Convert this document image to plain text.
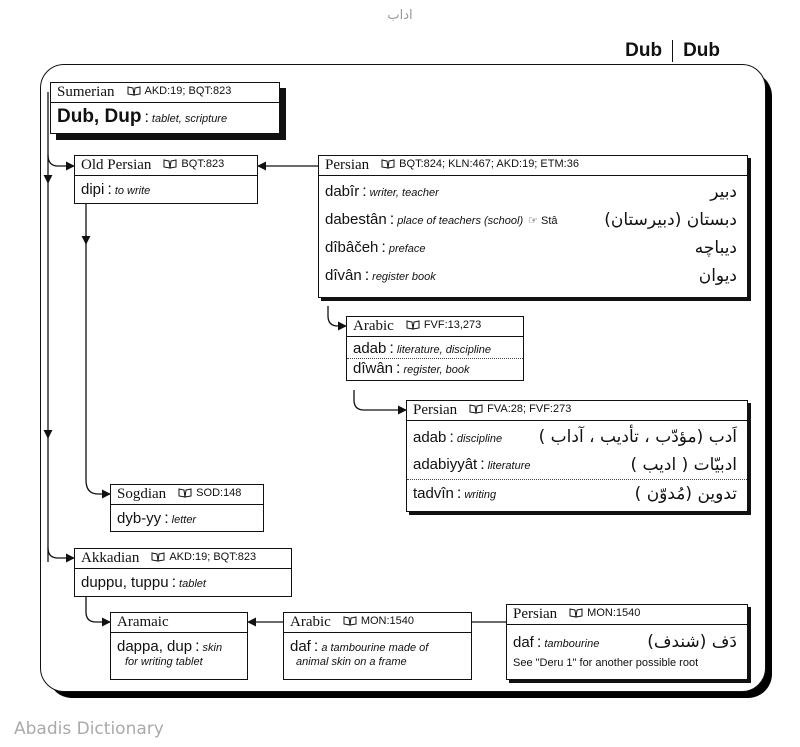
اداب
Dub Dub
Sumerian	AKD:19; BQT:823
Dub, Dup : tablet, scripture
Old Persian	BQT:823
dipi : to write
Persian	BQT:824; KLN:467; AKD:19; ETM:36
dabîr : writer, teacher	دبیر
dabestân : place of teachers (school) ☞ Stâ	دبستان (دبیرستان)
dîbâčeh : preface	دیباچه
dîvân : register book	دیوان
Arabic	FVF:13,273
adab : literature, discipline
dîwân : register, book
Persian	FVA:28; FVF:273
adab : discipline اَدب (مؤدّب ، تأدیب ، آداب )
adabiyyât : literature	ادبیّات ( ادیب )
tadvîn : writing	تدوین (مُدوّن )
Sogdian	SOD:148
dyb-yy : letter
Akkadian	AKD:19; BQT:823
duppu, tuppu : tablet
Aramaic
dappa, dup : skin
for writing tablet
Arabic	MON:1540
daf : a tambourine made of
animal skin on a frame
Persian	MON:1540
daf : tambourine	دَف (شندف)
See "Deru 1" for another possible root
Abadis Dictionary
